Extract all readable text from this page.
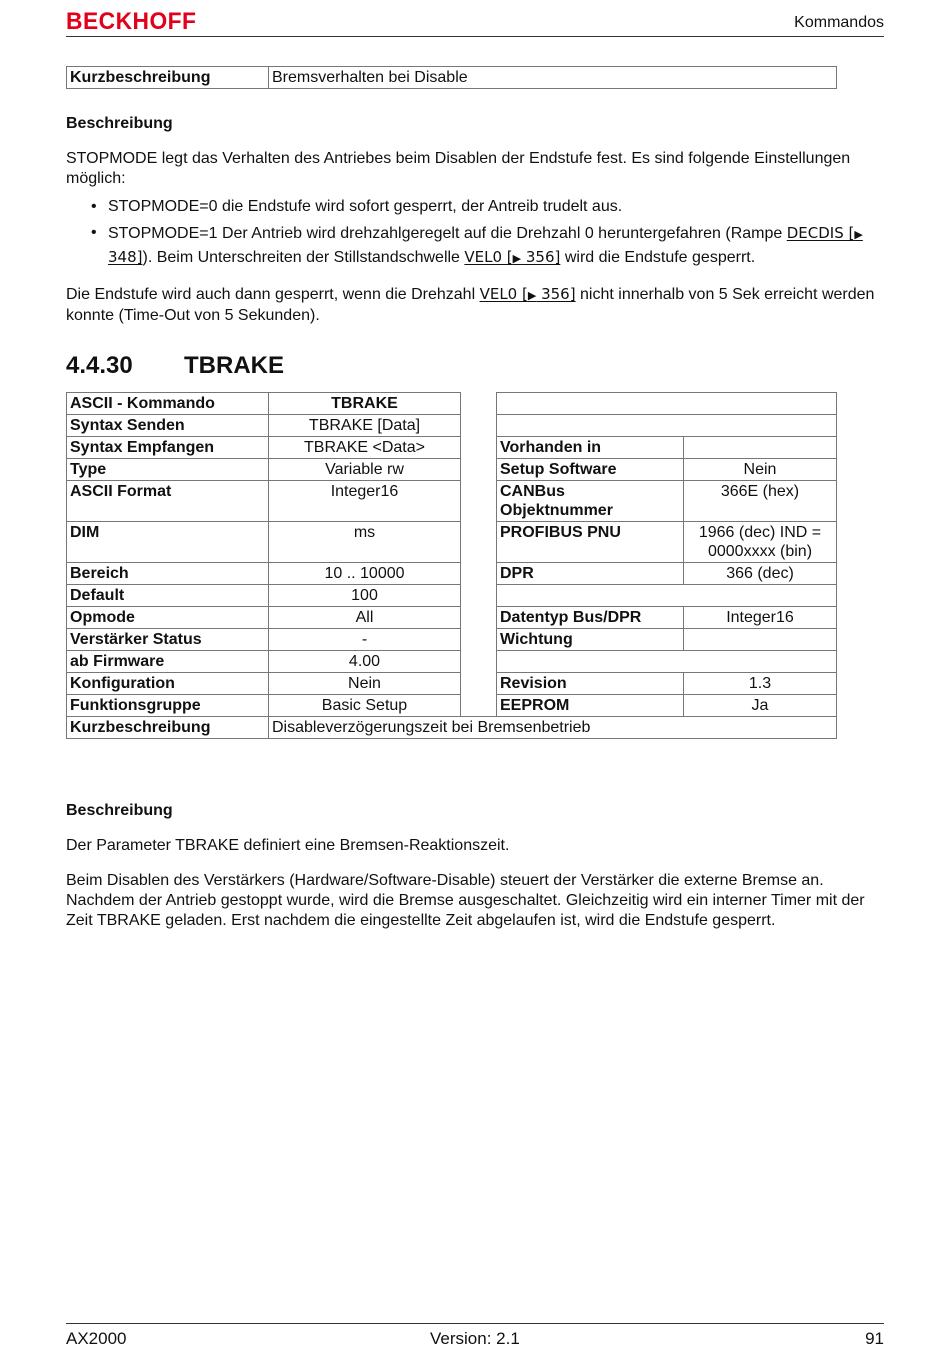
BECKHOFF	Kommandos
Kurzbeschreibung	Bremsverhalten bei Disable
Beschreibung
STOPMODE legt das Verhalten des Antriebes beim Disablen der Endstufe fest. Es sind folgende Einstellungen möglich:
• STOPMODE=0 die Endstufe wird sofort gesperrt, der Antreib trudelt aus.
• STOPMODE=1 Der Antrieb wird drehzahlgeregelt auf die Drehzahl 0 heruntergefahren (Rampe DECDIS [▶ 348]). Beim Unterschreiten der Stillstandschwelle VEL0 [▶ 356] wird die Endstufe gesperrt.
Die Endstufe wird auch dann gesperrt, wenn die Drehzahl VEL0 [▶ 356] nicht innerhalb von 5 Sek erreicht werden konnte (Time-Out von 5 Sekunden).
4.4.30 TBRAKE
ASCII - Kommando	TBRAKE			
Syntax Senden	TBRAKE [Data]			
Syntax Empfangen	TBRAKE <Data>		Vorhanden in	
Type	Variable rw		Setup Software	Nein
ASCII Format	Integer16		CANBus Objektnummer	366E (hex)
DIM	ms		PROFIBUS PNU	1966 (dec) IND = 0000xxxx (bin)
Bereich	10 .. 10000		DPR	366 (dec)
Default	100			
Opmode	All		Datentyp Bus/DPR	Integer16
Verstärker Status	-		Wichtung	
ab Firmware	4.00			
Konfiguration	Nein		Revision	1.3
Funktionsgruppe	Basic Setup		EEPROM	Ja
Kurzbeschreibung	Disableverzögerungszeit bei Bremsenbetrieb			
Beschreibung
Der Parameter TBRAKE definiert eine Bremsen-Reaktionszeit.
Beim Disablen des Verstärkers (Hardware/Software-Disable) steuert der Verstärker die externe Bremse an. Nachdem der Antrieb gestoppt wurde, wird die Bremse ausgeschaltet. Gleichzeitig wird ein interner Timer mit der Zeit TBRAKE geladen. Erst nachdem die eingestellte Zeit abgelaufen ist, wird die Endstufe gesperrt.
AX2000	Version: 2.1	91
